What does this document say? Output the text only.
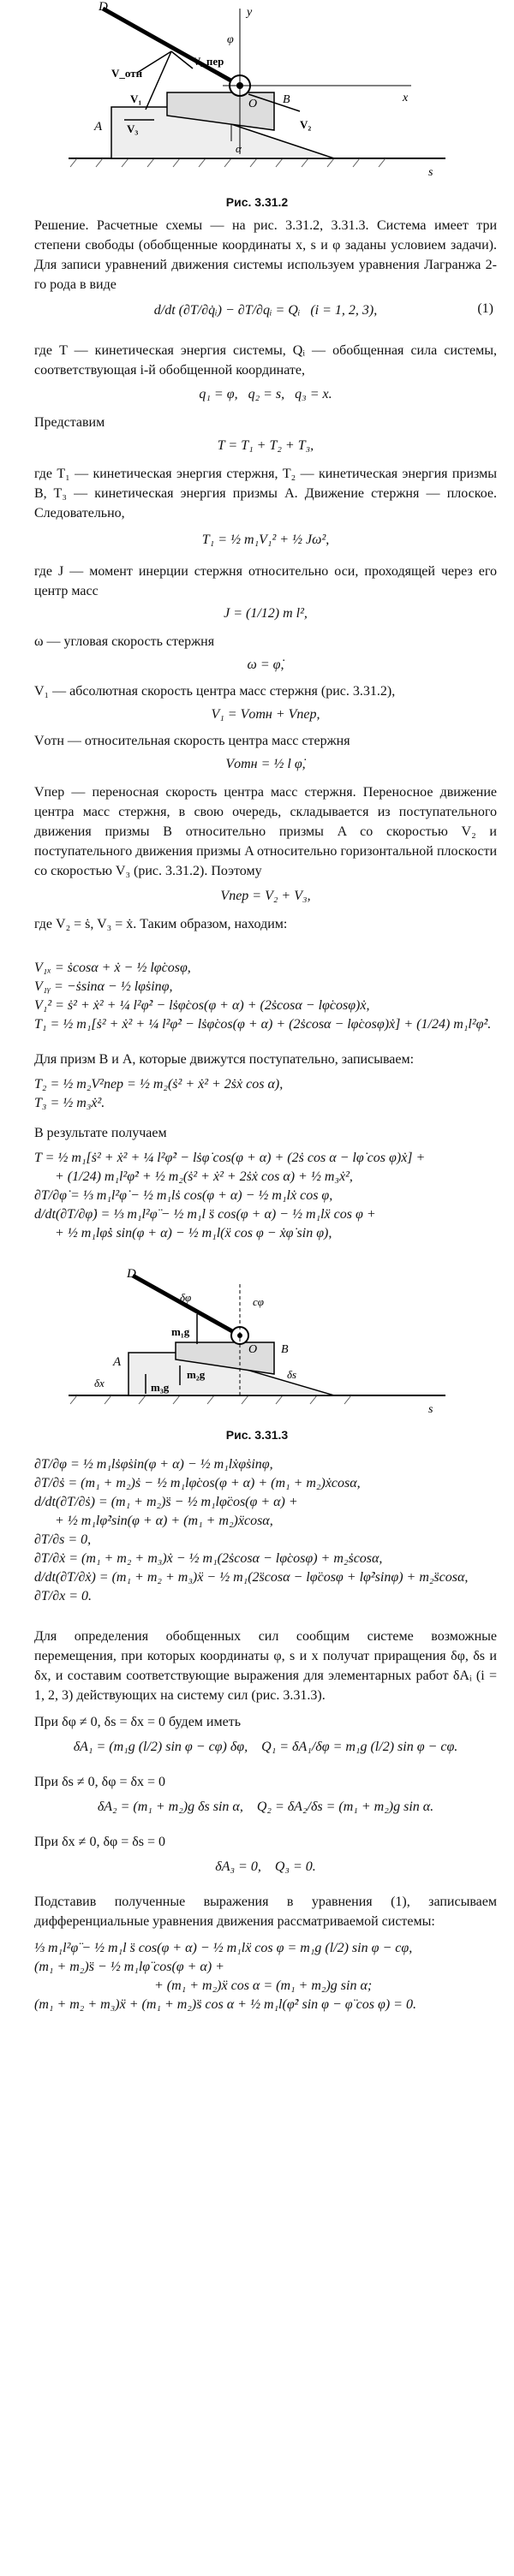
D	y
φ
V_пер
V_отн
O B	x
V₁
V₂
A V₃
α
s
Рис. 3.31.2
Решение. Расчетные схемы — на рис. 3.31.2, 3.31.3. Система имеет три степени свободы (обобщенные координаты x, s и φ заданы условием задачи). Для записи уравнений движения системы используем уравнения Лагранжа 2-го рода в виде
d/dt (∂T/∂q̇ᵢ) − ∂T/∂qᵢ = Qᵢ   (i = 1, 2, 3),	(1)
где T — кинетическая энергия системы, Qᵢ — обобщенная сила системы, соответствующая i-й обобщенной координате,
q₁ = φ,   q₂ = s,   q₃ = x.
Представим
T = T₁ + T₂ + T₃,
где T₁ — кинетическая энергия стержня, T₂ — кинетическая энергия призмы B, T₃ — кинетическая энергия призмы A. Движение стержня — плоское. Следовательно,
T₁ = ½ m₁V₁² + ½ Jω²,
где J — момент инерции стержня относительно оси, проходящей через его центр масс
J = (1/12) m l²,
ω — угловая скорость стержня
ω = φ̇,
V₁ — абсолютная скорость центра масс стержня (рис. 3.31.2),
V₁ = Vотн + Vпер,
Vотн — относительная скорость центра масс стержня
Vотн = ½ l φ̇,
Vпер — переносная скорость центра масс стержня. Переносное движение центра масс стержня, в свою очередь, складывается из поступательного движения призмы B относительно призмы A со скоростью V₂ и поступательного движения призмы A относительно горизонтальной плоскости со скоростью V₃ (рис. 3.31.2). Поэтому
Vпер = V₂ + V₃,
где V₂ = ṡ, V₃ = ẋ. Таким образом, находим:
V₁ₓ = ṡcosα + ẋ − ½ lφ̇cosφ,
V₁ᵧ = −ṡsinα − ½ lφ̇sinφ,
V₁² = ṡ² + ẋ² + ¼ l²φ̇² − lṡφ̇cos(φ + α) + (2ṡcosα − lφ̇cosφ)ẋ,
T₁ = ½ m₁[ṡ² + ẋ² + ¼ l²φ̇² − lṡφ̇cos(φ + α) + (2ṡcosα − lφ̇cosφ)ẋ] + (1/24) m₁l²φ̇².
Для призм B и A, которые движутся поступательно, записываем:
T₂ = ½ m₂V²пер = ½ m₂(ṡ² + ẋ² + 2ṡẋ cos α),
T₃ = ½ m₃ẋ².
В результате получаем
T = ½ m₁[ṡ² + ẋ² + ¼ l²φ̇² − lṡφ̇ cos(φ + α) + (2ṡ cos α − lφ̇ cos φ)ẋ] +
+ (1/24) m₁l²φ̇² + ½ m₂(ṡ² + ẋ² + 2ṡẋ cos α) + ½ m₃ẋ²,
∂T/∂φ̇ = ⅓ m₁l²φ̇ − ½ m₁lṡ cos(φ + α) − ½ m₁lẋ cos φ,
d/dt(∂T/∂φ̇) = ⅓ m₁l²φ̈ − ½ m₁l s̈ cos(φ + α) − ½ m₁lẍ cos φ +
+ ½ m₁lφ̇ṡ sin(φ + α) − ½ m₁l(ẍ cos φ − ẋφ̇ sin φ),
D
δφ	cφ
m₁g
O B
δs
m₂g
A
δx	m₃g
s
Рис. 3.31.3
∂T/∂φ = ½ m₁lṡφ̇sin(φ + α) − ½ m₁lẋφ̇sinφ,
∂T/∂ṡ = (m₁ + m₂)ṡ − ½ m₁lφ̇cos(φ + α) + (m₁ + m₂)ẋcosα,
d/dt(∂T/∂ṡ) = (m₁ + m₂)s̈ − ½ m₁lφ̈cos(φ + α) +
+ ½ m₁lφ̇²sin(φ + α) + (m₁ + m₂)ẍcosα,
∂T/∂s = 0,
∂T/∂ẋ = (m₁ + m₂ + m₃)ẋ − ½ m₁(2ṡcosα − lφ̇cosφ) + m₂ṡcosα,
d/dt(∂T/∂ẋ) = (m₁ + m₂ + m₃)ẍ − ½ m₁(2s̈cosα − lφ̈cosφ + lφ̇²sinφ) + m₂s̈cosα,
∂T/∂x = 0.
Для определения обобщенных сил сообщим системе возможные перемещения, при которых координаты φ, s и x получат приращения δφ, δs и δx, и составим соответствующие выражения для элементарных работ δAᵢ (i = 1, 2, 3) действующих на систему сил (рис. 3.31.3).
При δφ ≠ 0, δs = δx = 0 будем иметь
δA₁ = (m₁g (l/2) sin φ − cφ) δφ,    Q₁ = δA₁/δφ = m₁g (l/2) sin φ − cφ.
При δs ≠ 0, δφ = δx = 0
δA₂ = (m₁ + m₂)g δs sin α,    Q₂ = δA₂/δs = (m₁ + m₂)g sin α.
При δx ≠ 0, δφ = δs = 0
δA₃ = 0,    Q₃ = 0.
Подставив полученные выражения в уравнения (1), записываем дифференциальные уравнения движения рассматриваемой системы:
⅓ m₁l²φ̈ − ½ m₁l s̈ cos(φ + α) − ½ m₁lẍ cos φ = m₁g (l/2) sin φ − cφ,
(m₁ + m₂)s̈ − ½ m₁lφ̈ cos(φ + α) +
+ (m₁ + m₂)ẍ cos α = (m₁ + m₂)g sin α;
(m₁ + m₂ + m₃)ẍ + (m₁ + m₂)s̈ cos α + ½ m₁l(φ̇² sin φ − φ̈ cos φ) = 0.
